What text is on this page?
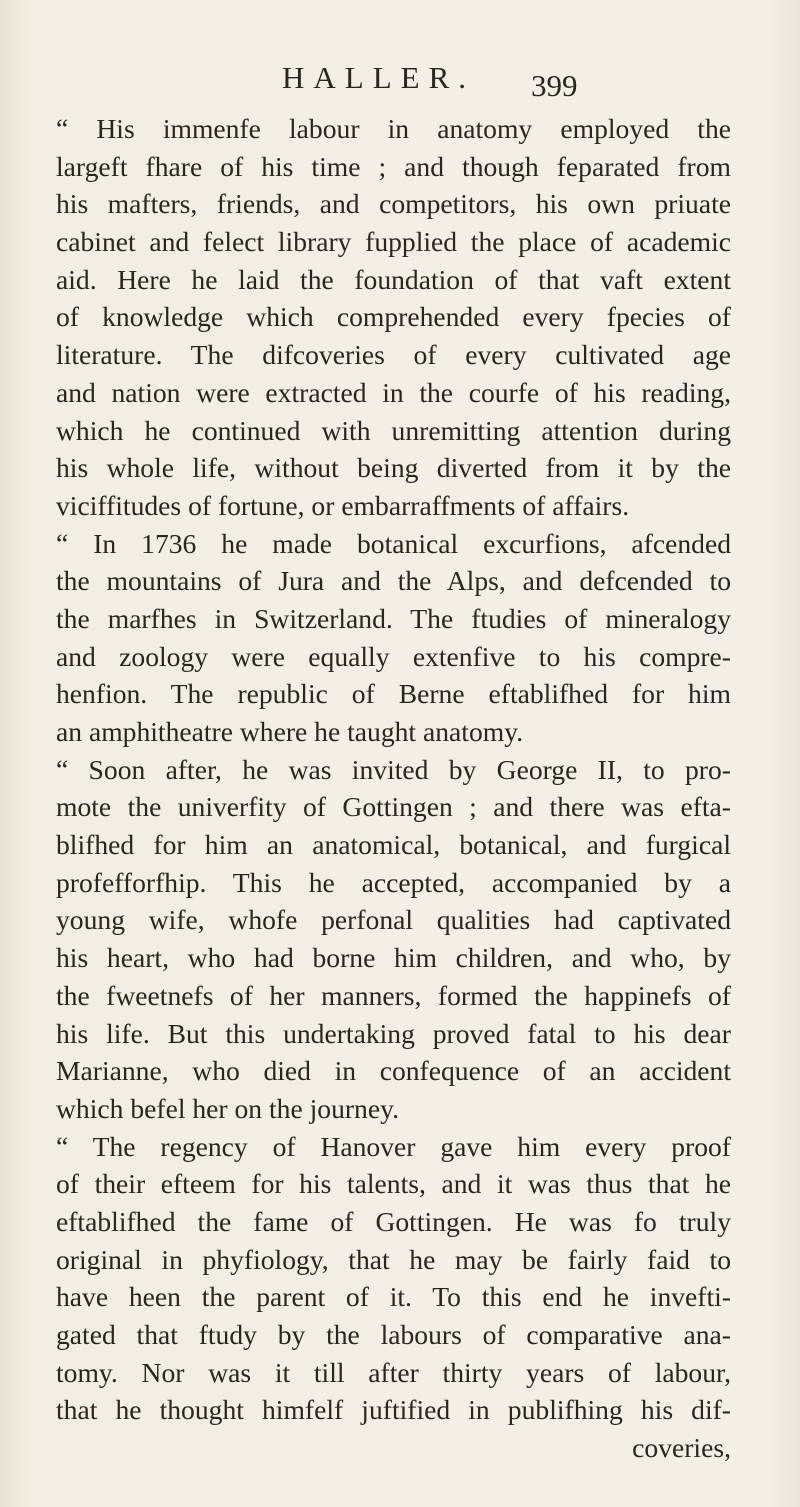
HALLER. 399
“ His immenfe labour in anatomy employed the
largeft fhare of his time ; and though feparated from
his mafters, friends, and competitors, his own priuate
cabinet and felect library fupplied the place of academic
aid. Here he laid the foundation of that vaft extent
of knowledge which comprehended every fpecies of
literature. The difcoveries of every cultivated age
and nation were extracted in the courfe of his reading,
which he continued with unremitting attention during
his whole life, without being diverted from it by the
viciffitudes of fortune, or embarraffments of affairs.
“ In 1736 he made botanical excurfions, afcended
the mountains of Jura and the Alps, and defcended to
the marfhes in Switzerland. The ftudies of mineralogy
and zoology were equally extenfive to his compre-
henfion. The republic of Berne eftablifhed for him
an amphitheatre where he taught anatomy.
“ Soon after, he was invited by George II, to pro-
mote the univerfity of Gottingen ; and there was efta-
blifhed for him an anatomical, botanical, and furgical
profefforfhip. This he accepted, accompanied by a
young wife, whofe perfonal qualities had captivated
his heart, who had borne him children, and who, by
the fweetnefs of her manners, formed the happinefs of
his life. But this undertaking proved fatal to his dear
Marianne, who died in confequence of an accident
which befel her on the journey.
“ The regency of Hanover gave him every proof
of their efteem for his talents, and it was thus that he
eftablifhed the fame of Gottingen. He was fo truly
original in phyfiology, that he may be fairly faid to
have heen the parent of it. To this end he invefti-
gated that ftudy by the labours of comparative ana-
tomy. Nor was it till after thirty years of labour,
that he thought himfelf juftified in publifhing his dif-
coveries,
